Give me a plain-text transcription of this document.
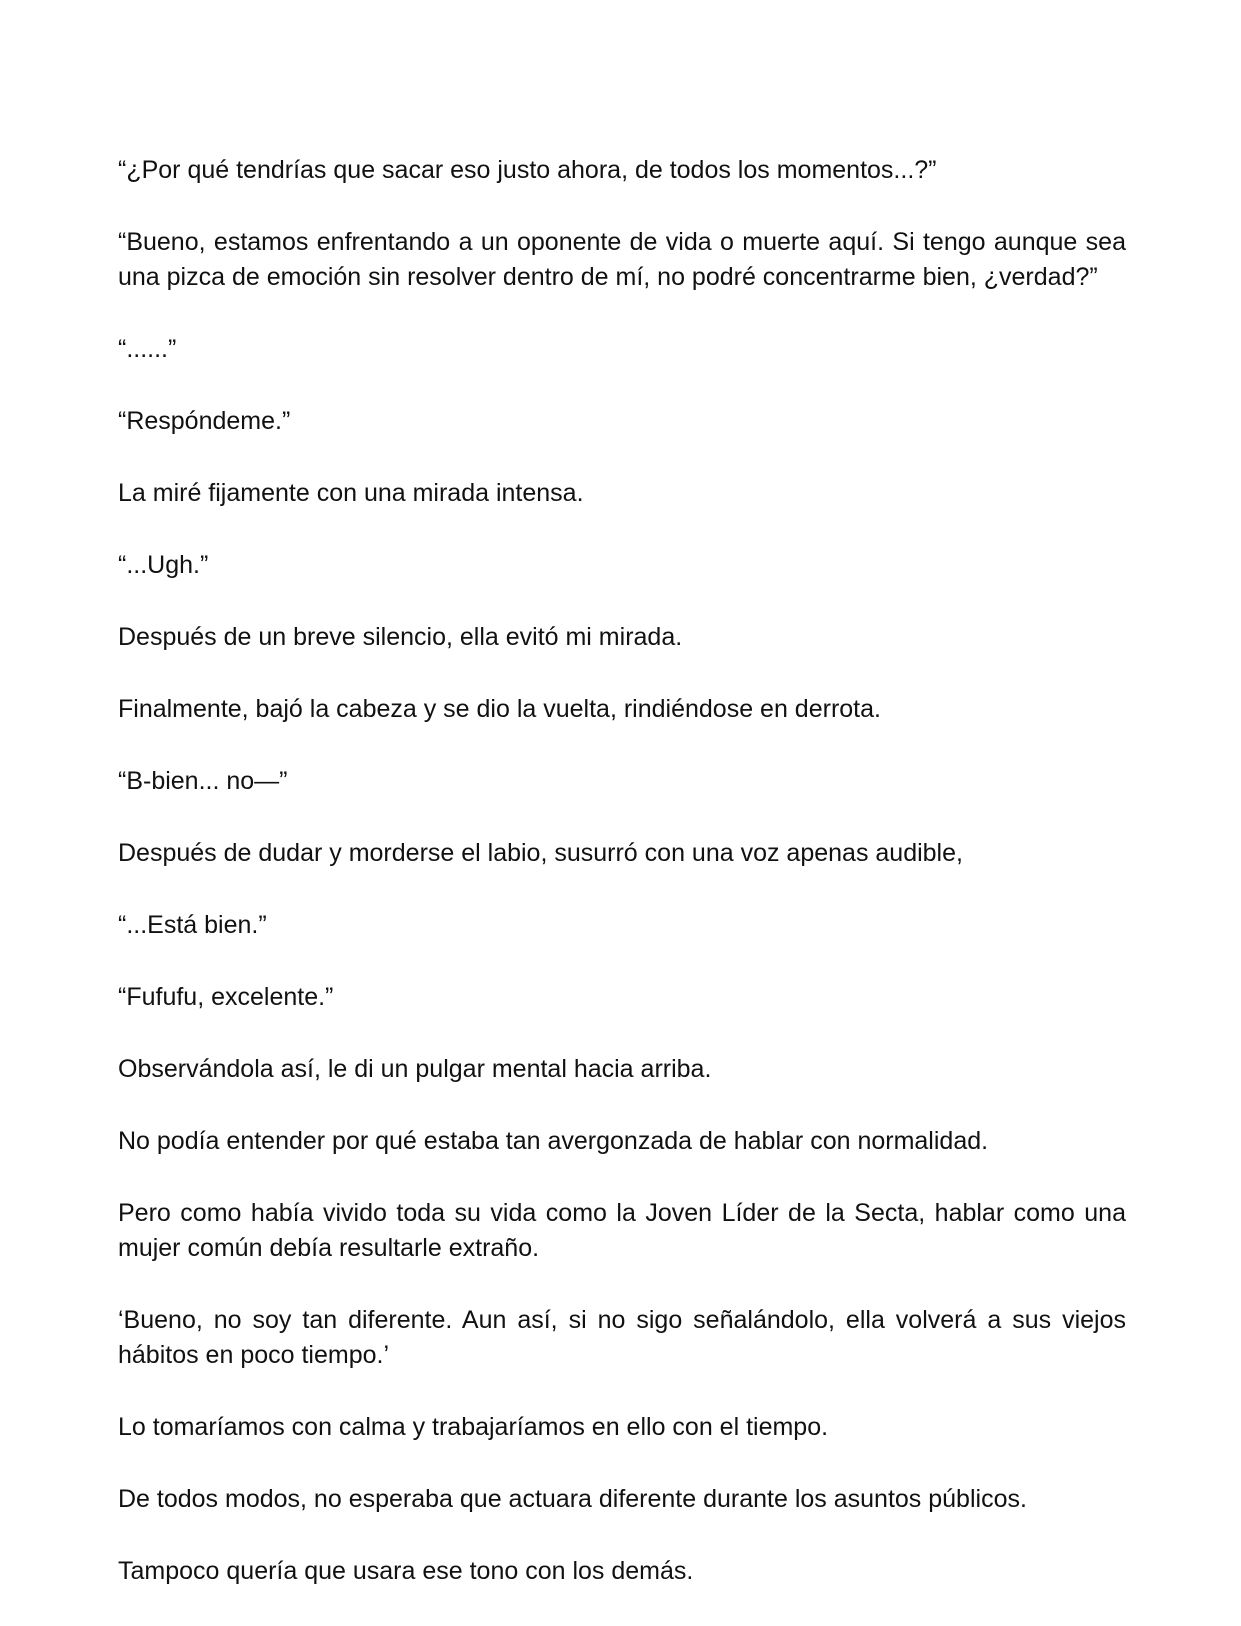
“¿Por qué tendrías que sacar eso justo ahora, de todos los momentos...?”

“Bueno, estamos enfrentando a un oponente de vida o muerte aquí. Si tengo aunque sea una pizca de emoción sin resolver dentro de mí, no podré concentrarme bien, ¿verdad?”

“......”

“Respóndeme.”

La miré fijamente con una mirada intensa.

“...Ugh.”

Después de un breve silencio, ella evitó mi mirada.

Finalmente, bajó la cabeza y se dio la vuelta, rindiéndose en derrota.

“B-bien... no—”

Después de dudar y morderse el labio, susurró con una voz apenas audible,

“...Está bien.”

“Fufufu, excelente.”

Observándola así, le di un pulgar mental hacia arriba.

No podía entender por qué estaba tan avergonzada de hablar con normalidad.

Pero como había vivido toda su vida como la Joven Líder de la Secta, hablar como una mujer común debía resultarle extraño.

‘Bueno, no soy tan diferente. Aun así, si no sigo señalándolo, ella volverá a sus viejos hábitos en poco tiempo.’

Lo tomaríamos con calma y trabajaríamos en ello con el tiempo.

De todos modos, no esperaba que actuara diferente durante los asuntos públicos.

Tampoco quería que usara ese tono con los demás.
